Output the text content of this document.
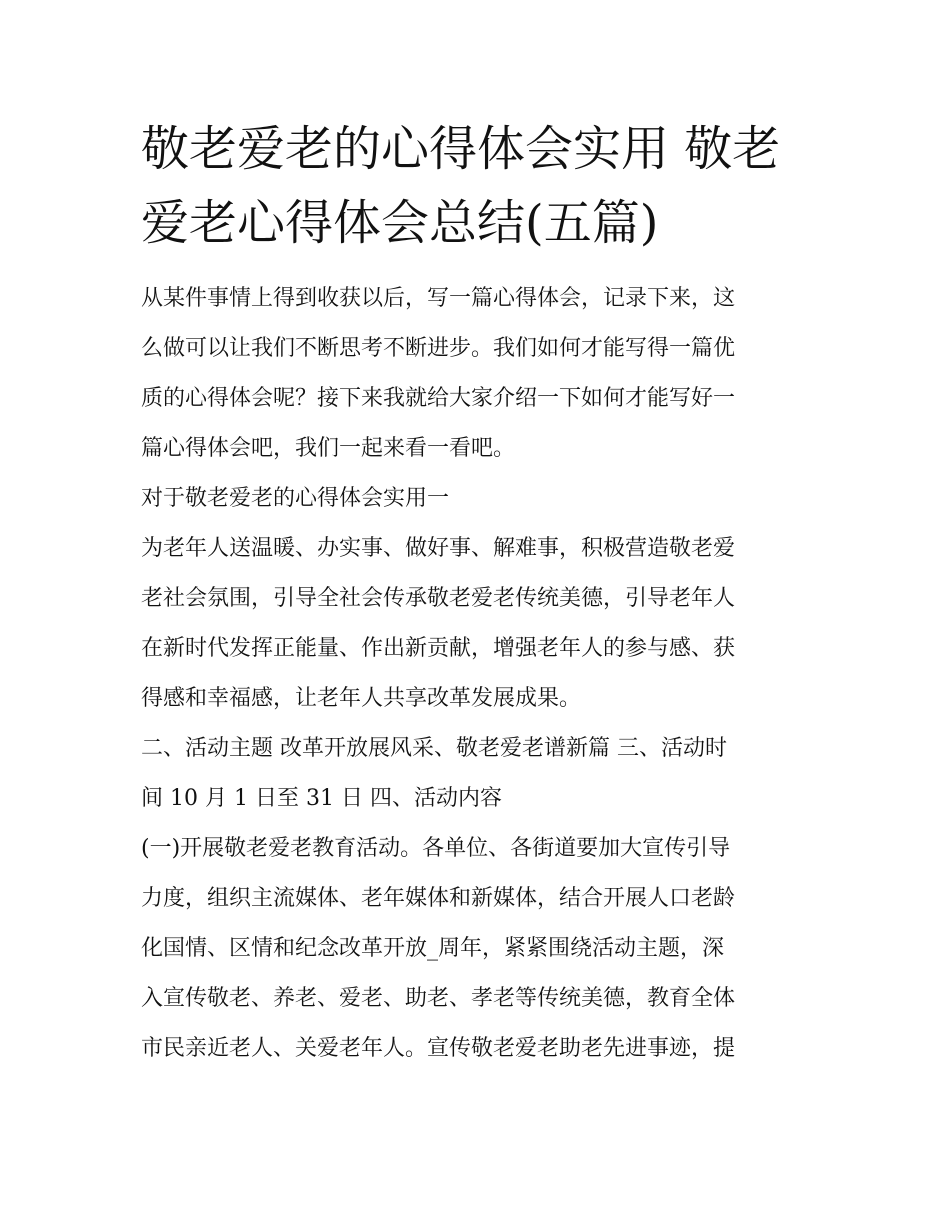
敬老爱老的心得体会实用 敬老
爱老心得体会总结(五篇)

从某件事情上得到收获以后，写一篇心得体会，记录下来，这
么做可以让我们不断思考不断进步。我们如何才能写得一篇优
质的心得体会呢？接下来我就给大家介绍一下如何才能写好一
篇心得体会吧，我们一起来看一看吧。

对于敬老爱老的心得体会实用一

为老年人送温暖、办实事、做好事、解难事，积极营造敬老爱
老社会氛围，引导全社会传承敬老爱老传统美德，引导老年人
在新时代发挥正能量、作出新贡献，增强老年人的参与感、获
得感和幸福感，让老年人共享改革发展成果。

二、活动主题 改革开放展风采、敬老爱老谱新篇 三、活动时
间 10 月 1 日至 31 日 四、活动内容

(一)开展敬老爱老教育活动。各单位、各街道要加大宣传引导
力度，组织主流媒体、老年媒体和新媒体，结合开展人口老龄
化国情、区情和纪念改革开放_周年，紧紧围绕活动主题，深
入宣传敬老、养老、爱老、助老、孝老等传统美德，教育全体
市民亲近老人、关爱老年人。宣传敬老爱老助老先进事迹，提
